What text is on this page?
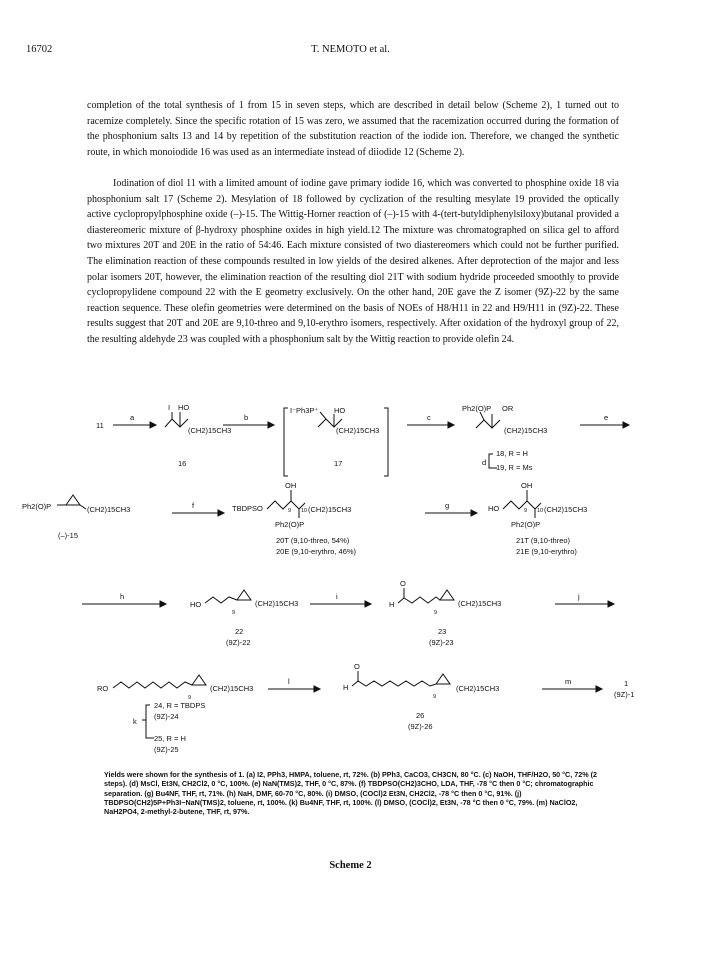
16702	T. NEMOTO et al.

completion of the total synthesis of 1 from 15 in seven steps, which are described in detail below (Scheme 2), 1 turned out to racemize completely. Since the specific rotation of 15 was zero, we assumed that the racemization occurred during the formation of the phosphonium salts 13 and 14 by repetition of the substitution reaction of the iodide ion. Therefore, we changed the synthetic route, in which monoiodide 16 was used as an intermediate instead of diiodide 12 (Scheme 2).

Iodination of diol 11 with a limited amount of iodine gave primary iodide 16, which was converted to phosphine oxide 18 via phosphonium salt 17 (Scheme 2). Mesylation of 18 followed by cyclization of the resulting mesylate 19 provided the optically active cyclopropylphosphine oxide (–)-15. The Wittig-Horner reaction of (–)-15 with 4-(tert-butyldiphenylsiloxy)butanal provided a diastereomeric mixture of β-hydroxy phosphine oxides in high yield.12 The mixture was chromatographed on silica gel to afford two mixtures 20T and 20E in the ratio of 54:46. Each mixture consisted of two diastereomers which could not be further purified. The elimination reaction of these compounds resulted in low yields of the desired alkenes. After deprotection of the major and less polar isomers 20T, however, the elimination reaction of the resulting diol 21T with sodium hydride proceeded smoothly to provide cyclopropylidene compound 22 with the E geometry exclusively. On the other hand, 20E gave the Z isomer (9Z)-22 by the same reaction sequence. These olefin geometries were determined on the basis of NOEs of H8/H11 in 22 and H9/H11 in (9Z)-22. These results suggest that 20T and 20E are 9,10-threo and 9,10-erythro isomers, respectively. After oxidation of the hydroxyl group of 22, the resulting aldehyde 23 was coupled with a phosphonium salt by the Wittig reaction to provide olefin 24.

a	b	c
d
e
f	g
h	i	j
k
l	m
11
I HO
(CH2)15CH3
16
I⁻Ph3P⁺ HO
(CH2)15CH3
17
Ph2(O)P OR
(CH2)15CH3
18, R = H
19, R = Ms
Ph2(O)P	(CH2)15CH3
(–)-15
TBDPSO
OH
9 10 (CH2)15CH3
Ph2(O)P
20T (9,10-threo, 54%)
20E (9,10-erythro, 46%)
HO
OH
9 10 (CH2)15CH3
Ph2(O)P
21T (9,10-threo)
21E (9,10-erythro)
HO
9
(CH2)15CH3
22
(9Z)-22
O
H
9
(CH2)15CH3
23
(9Z)-23
RO
9
(CH2)15CH3
24, R = TBDPS
(9Z)-24
25, R = H
(9Z)-25
O
H
9
(CH2)15CH3
26
(9Z)-26
1
(9Z)-1

Yields were shown for the synthesis of 1. (a) I2, PPh3, HMPA, toluene, rt, 72%. (b) PPh3, CaCO3, CH3CN, 80 °C. (c) NaOH, THF/H2O, 50 °C, 72% (2 steps). (d) MsCl, Et3N, CH2Cl2, 0 °C, 100%. (e) NaN(TMS)2, THF, 0 °C, 87%. (f) TBDPSO(CH2)3CHO, LDA, THF, -78 °C then 0 °C; chromatographic separation. (g) Bu4NF, THF, rt, 71%. (h) NaH, DMF, 60-70 °C, 80%. (i) DMSO, (COCl)2 Et3N, CH2Cl2, -78 °C then 0 °C, 91%. (j) TBDPSO(CH2)5P+Ph3I−NaN(TMS)2, toluene, rt, 100%. (k) Bu4NF, THF, rt, 100%. (l) DMSO, (COCl)2, Et3N, -78 °C then 0 °C, 79%. (m) NaClO2, NaH2PO4, 2-methyl-2-butene, THF, rt, 97%.

Scheme 2
